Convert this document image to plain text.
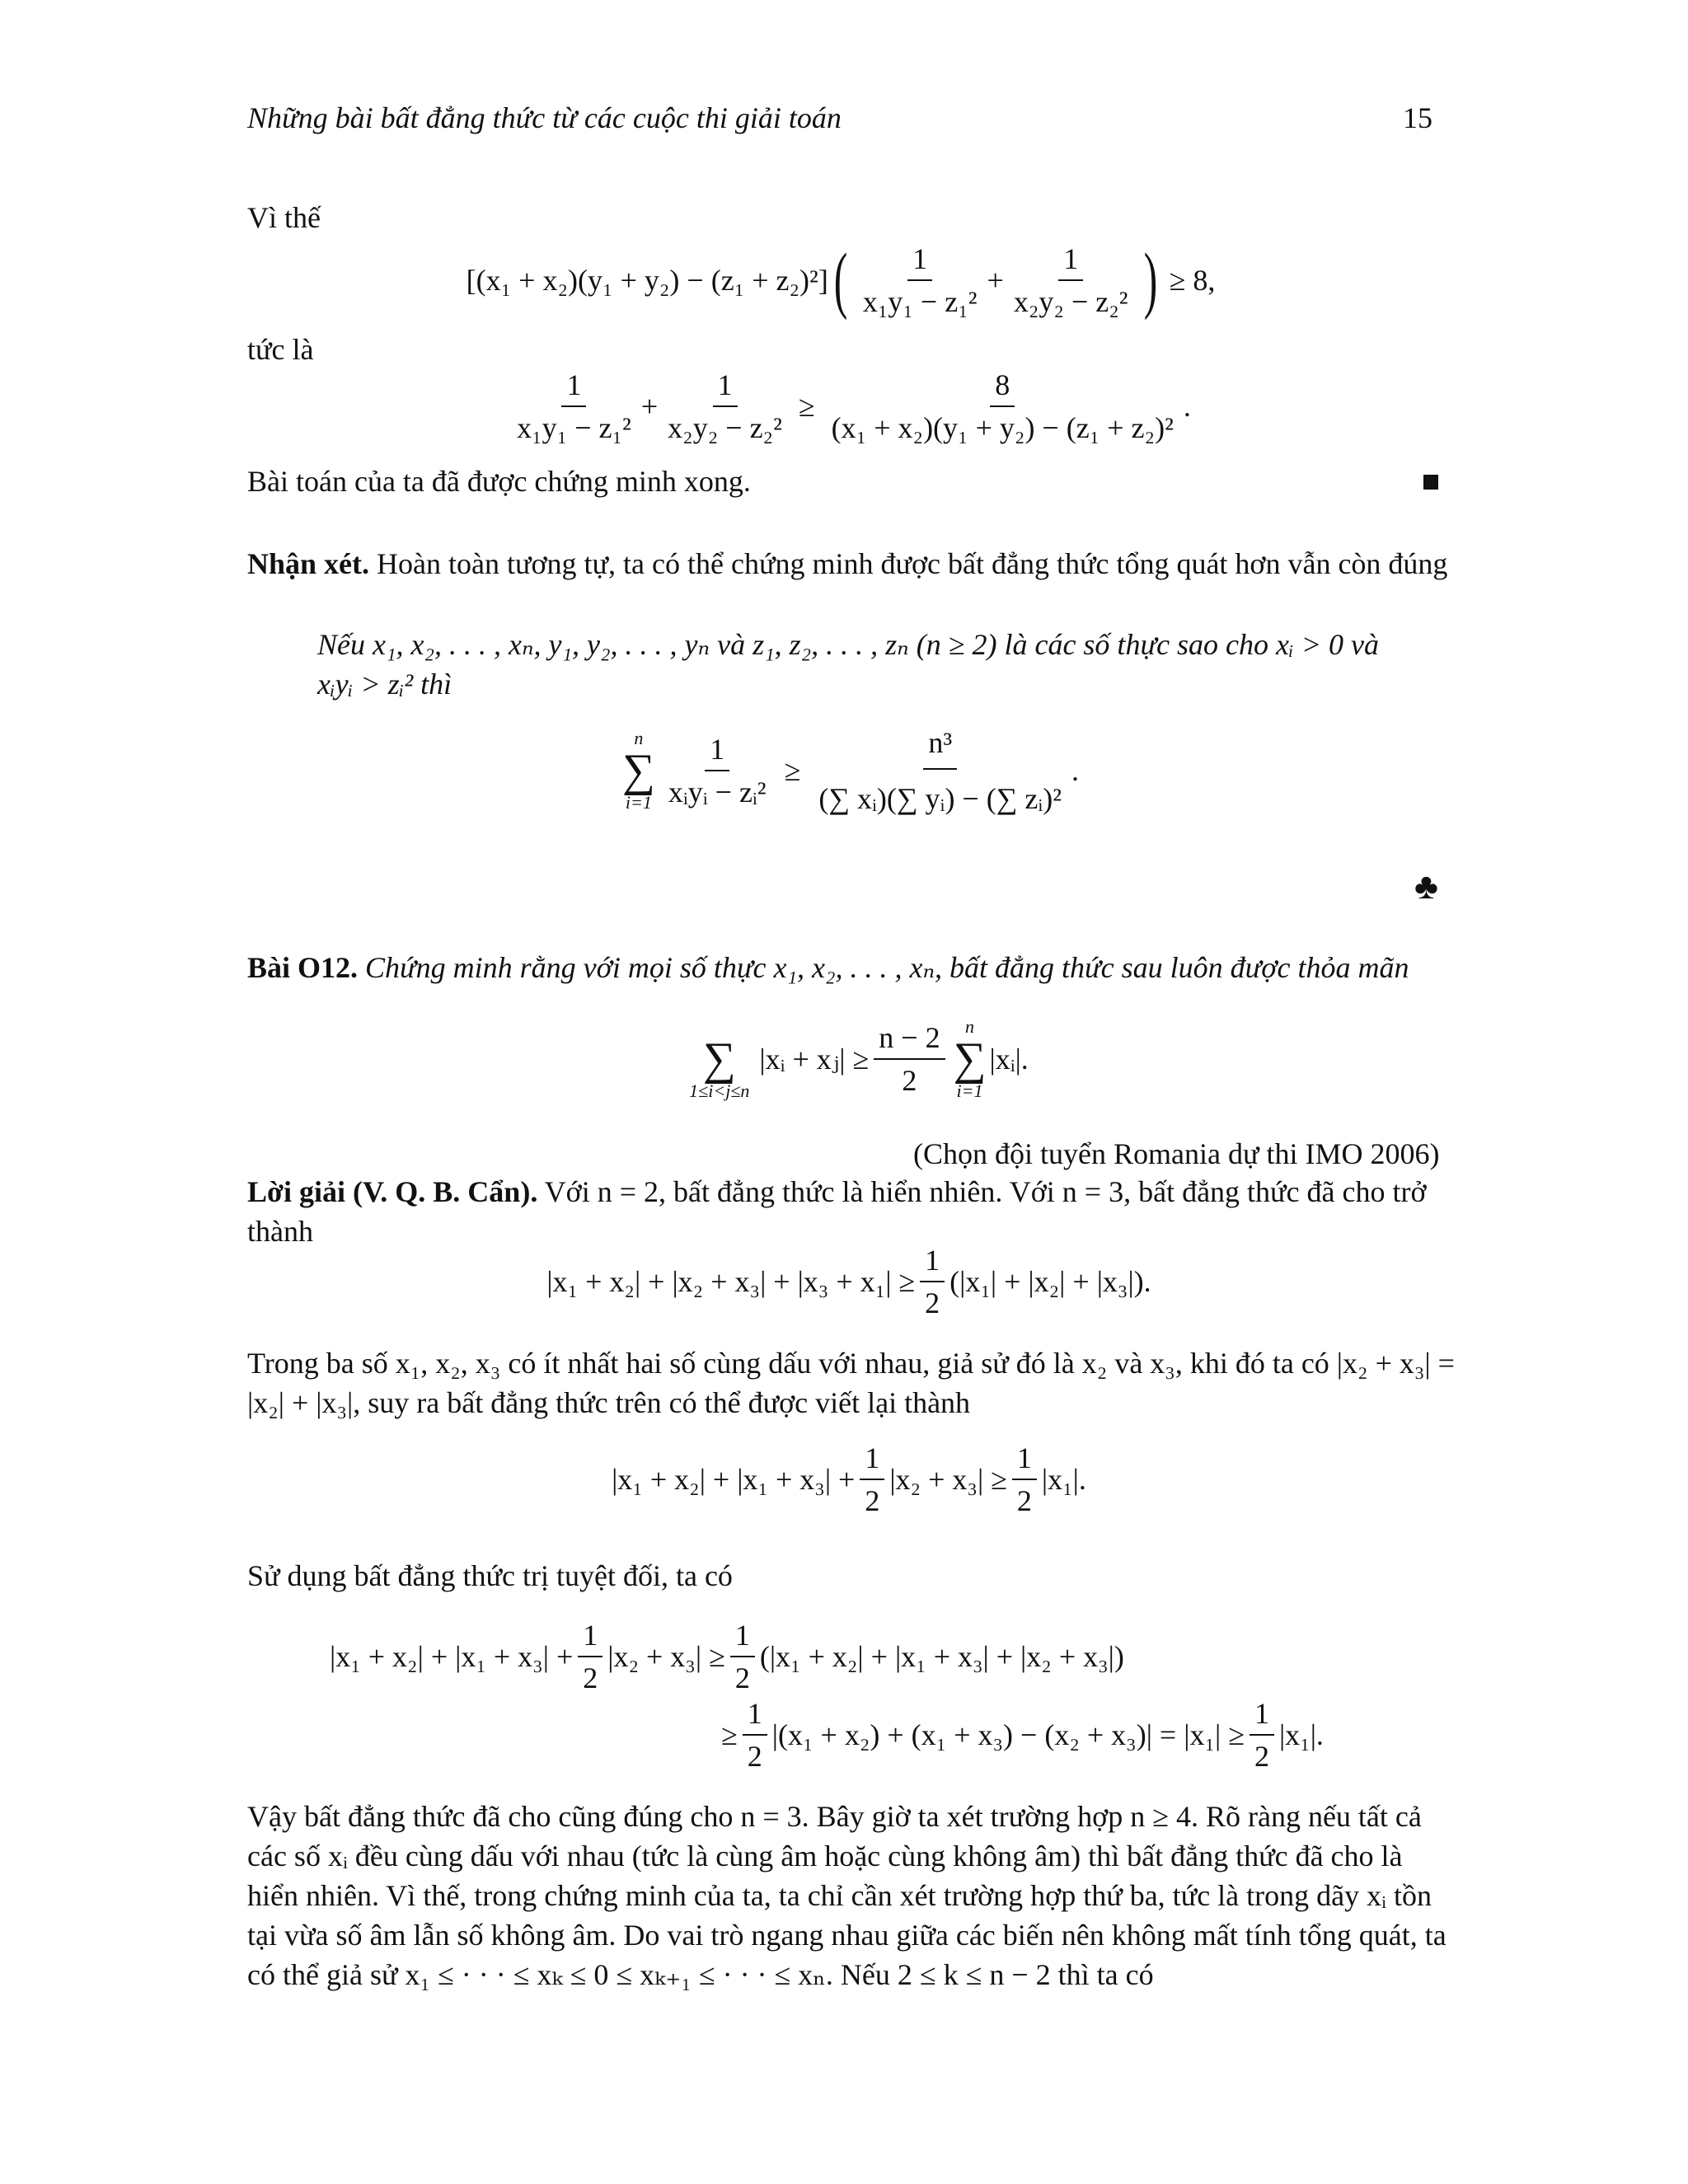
Những bài bất đẳng thức từ các cuộc thi giải toán	15
Vì thế
[(x₁ + x₂)(y₁ + y₂) − (z₁ + z₂)²] ( $\frac{1}{\text{x₁y₁ − z₁²}} + \frac{1}{\text{x₂y₂ − z₂²}}$ ) ≥ 8,
tức là
$\frac{1}{\text{x₁y₁ − z₁²}} + \frac{1}{\text{x₂y₂ − z₂²}} \ge \frac{8}{\text{(x₁ + x₂)(y₁ + y₂) − (z₁ + z₂)²}}$ .
Bài toán của ta đã được chứng minh xong.
Nhận xét. Hoàn toàn tương tự, ta có thể chứng minh được bất đẳng thức tổng quát hơn vẫn còn đúng
Nếu x₁, x₂, . . . , xₙ, y₁, y₂, . . . , yₙ và z₁, z₂, . . . , zₙ (n ≥ 2) là các số thực sao cho xᵢ > 0 và
xᵢyᵢ > zᵢ² thì
n
∑
$i=1 \frac{1}{\text{xᵢyᵢ − zᵢ²}} \ge \frac{\text{n³}}{\text{(∑ xᵢ)(∑ yᵢ) − (∑ zᵢ)²}}$ .
♣
Bài O12. Chứng minh rằng với mọi số thực x₁, x₂, . . . , xₙ, bất đẳng thức sau luôn được thỏa mãn
∑
1≤i<j≤n
|xᵢ + xⱼ| ≥ $\frac{n - 2}{2}$ n
∑
i=1
|xᵢ|.
(Chọn đội tuyển Romania dự thi IMO 2006)
Lời giải (V. Q. B. Cẩn). Với n = 2, bất đẳng thức là hiển nhiên. Với n = 3, bất đẳng thức đã cho trở
thành
$|x_1 + x_2| + |x_2 + x_3| + |x_3 + x_1| \ge \frac{1}{2} (|x_1| + |x_2| + |x_3|)$.
Trong ba số x₁, x₂, x₃ có ít nhất hai số cùng dấu với nhau, giả sử đó là x₂ và x₃, khi đó ta có |x₂ + x₃| =
|x₂| + |x₃|, suy ra bất đẳng thức trên có thể được viết lại thành
$|x_1 + x_2| + |x_1 + x_3| + \frac{1}{2} |x_2 + x_3| \ge \frac{1}{2} |x_1|$.
Sử dụng bất đẳng thức trị tuyệt đối, ta có
$|x_1 + x_2| + |x_1 + x_3| + \frac{1}{2} |x_2 + x_3| \ge \frac{1}{2} (|x_1 + x_2| + |x_1 + x_3| + |x_2 + x_3|)$
≥ $\frac{1}{2} |(x_1 + x_2) + (x_1 + x_3) - (x_2 + x_3)| = |x_1| \ge \frac{1}{2} |x_1|$.
Vậy bất đẳng thức đã cho cũng đúng cho n = 3. Bây giờ ta xét trường hợp n ≥ 4. Rõ ràng nếu tất cả
các số xᵢ đều cùng dấu với nhau (tức là cùng âm hoặc cùng không âm) thì bất đẳng thức đã cho là
hiển nhiên. Vì thế, trong chứng minh của ta, ta chỉ cần xét trường hợp thứ ba, tức là trong dãy xᵢ tồn
tại vừa số âm lẫn số không âm. Do vai trò ngang nhau giữa các biến nên không mất tính tổng quát, ta
có thể giả sử x₁ ≤ · · · ≤ xₖ ≤ 0 ≤ xₖ₊₁ ≤ · · · ≤ xₙ. Nếu 2 ≤ k ≤ n − 2 thì ta có
